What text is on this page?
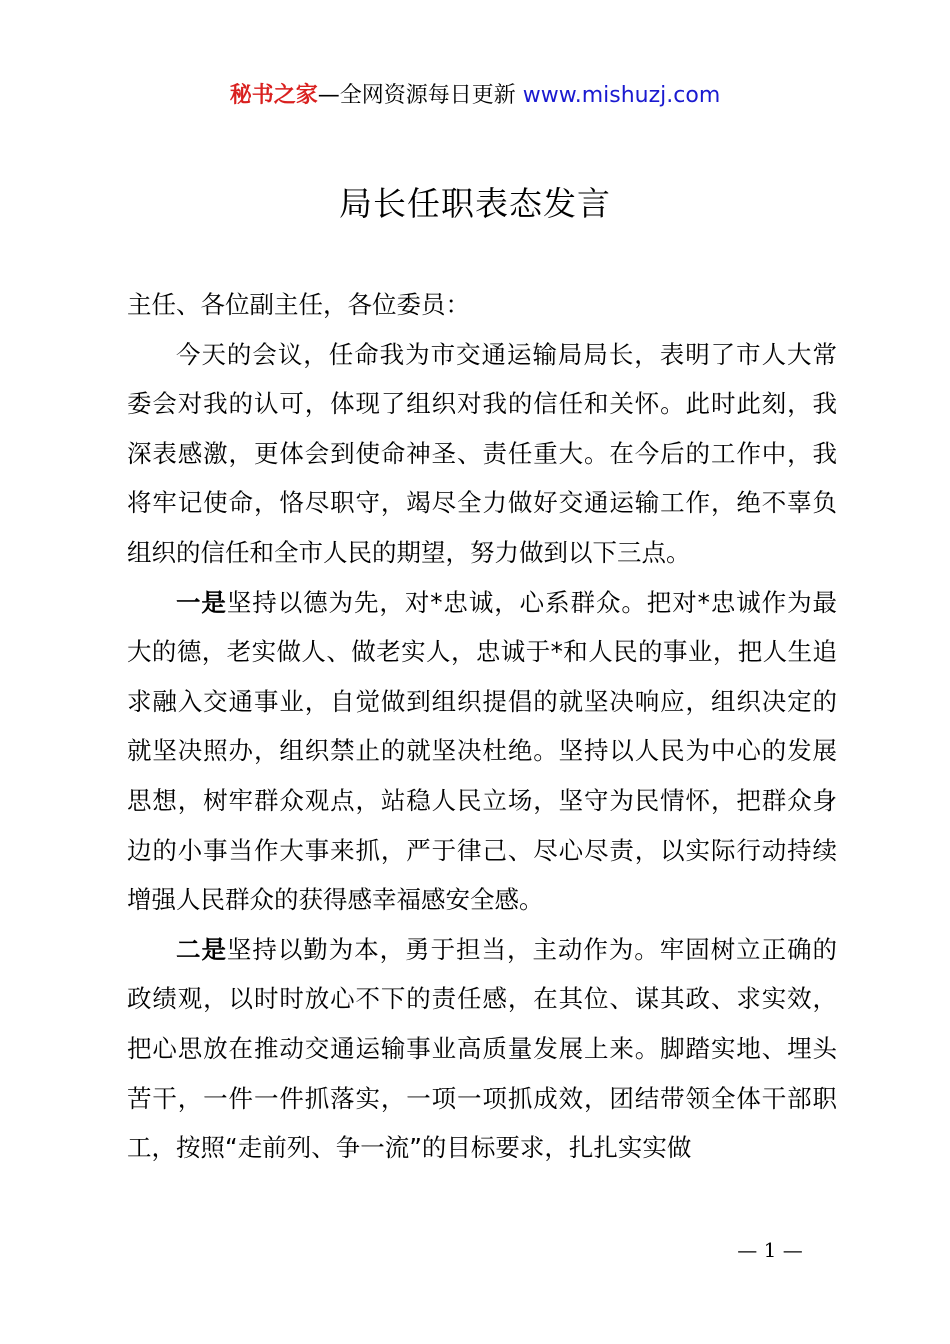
秘书之家—全网资源每日更新 www.mishuzj.com
局长任职表态发言

主任、各位副主任，各位委员：

今天的会议，任命我为市交通运输局局长，表明了市人大常委会对我的认可，体现了组织对我的信任和关怀。此时此刻，我深表感激，更体会到使命神圣、责任重大。在今后的工作中，我将牢记使命，恪尽职守，竭尽全力做好交通运输工作，绝不辜负组织的信任和全市人民的期望，努力做到以下三点。

一是坚持以德为先，对*忠诚，心系群众。把对*忠诚作为最大的德，老实做人、做老实人，忠诚于*和人民的事业，把人生追求融入交通事业，自觉做到组织提倡的就坚决响应，组织决定的就坚决照办，组织禁止的就坚决杜绝。坚持以人民为中心的发展思想，树牢群众观点，站稳人民立场，坚守为民情怀，把群众身边的小事当作大事来抓，严于律己、尽心尽责，以实际行动持续增强人民群众的获得感幸福感安全感。

二是坚持以勤为本，勇于担当，主动作为。牢固树立正确的政绩观，以时时放心不下的责任感，在其位、谋其政、求实效，把心思放在推动交通运输事业高质量发展上来。脚踏实地、埋头苦干，一件一件抓落实，一项一项抓成效，团结带领全体干部职工，按照“走前列、争一流”的目标要求，扎扎实实做

— 1 —
